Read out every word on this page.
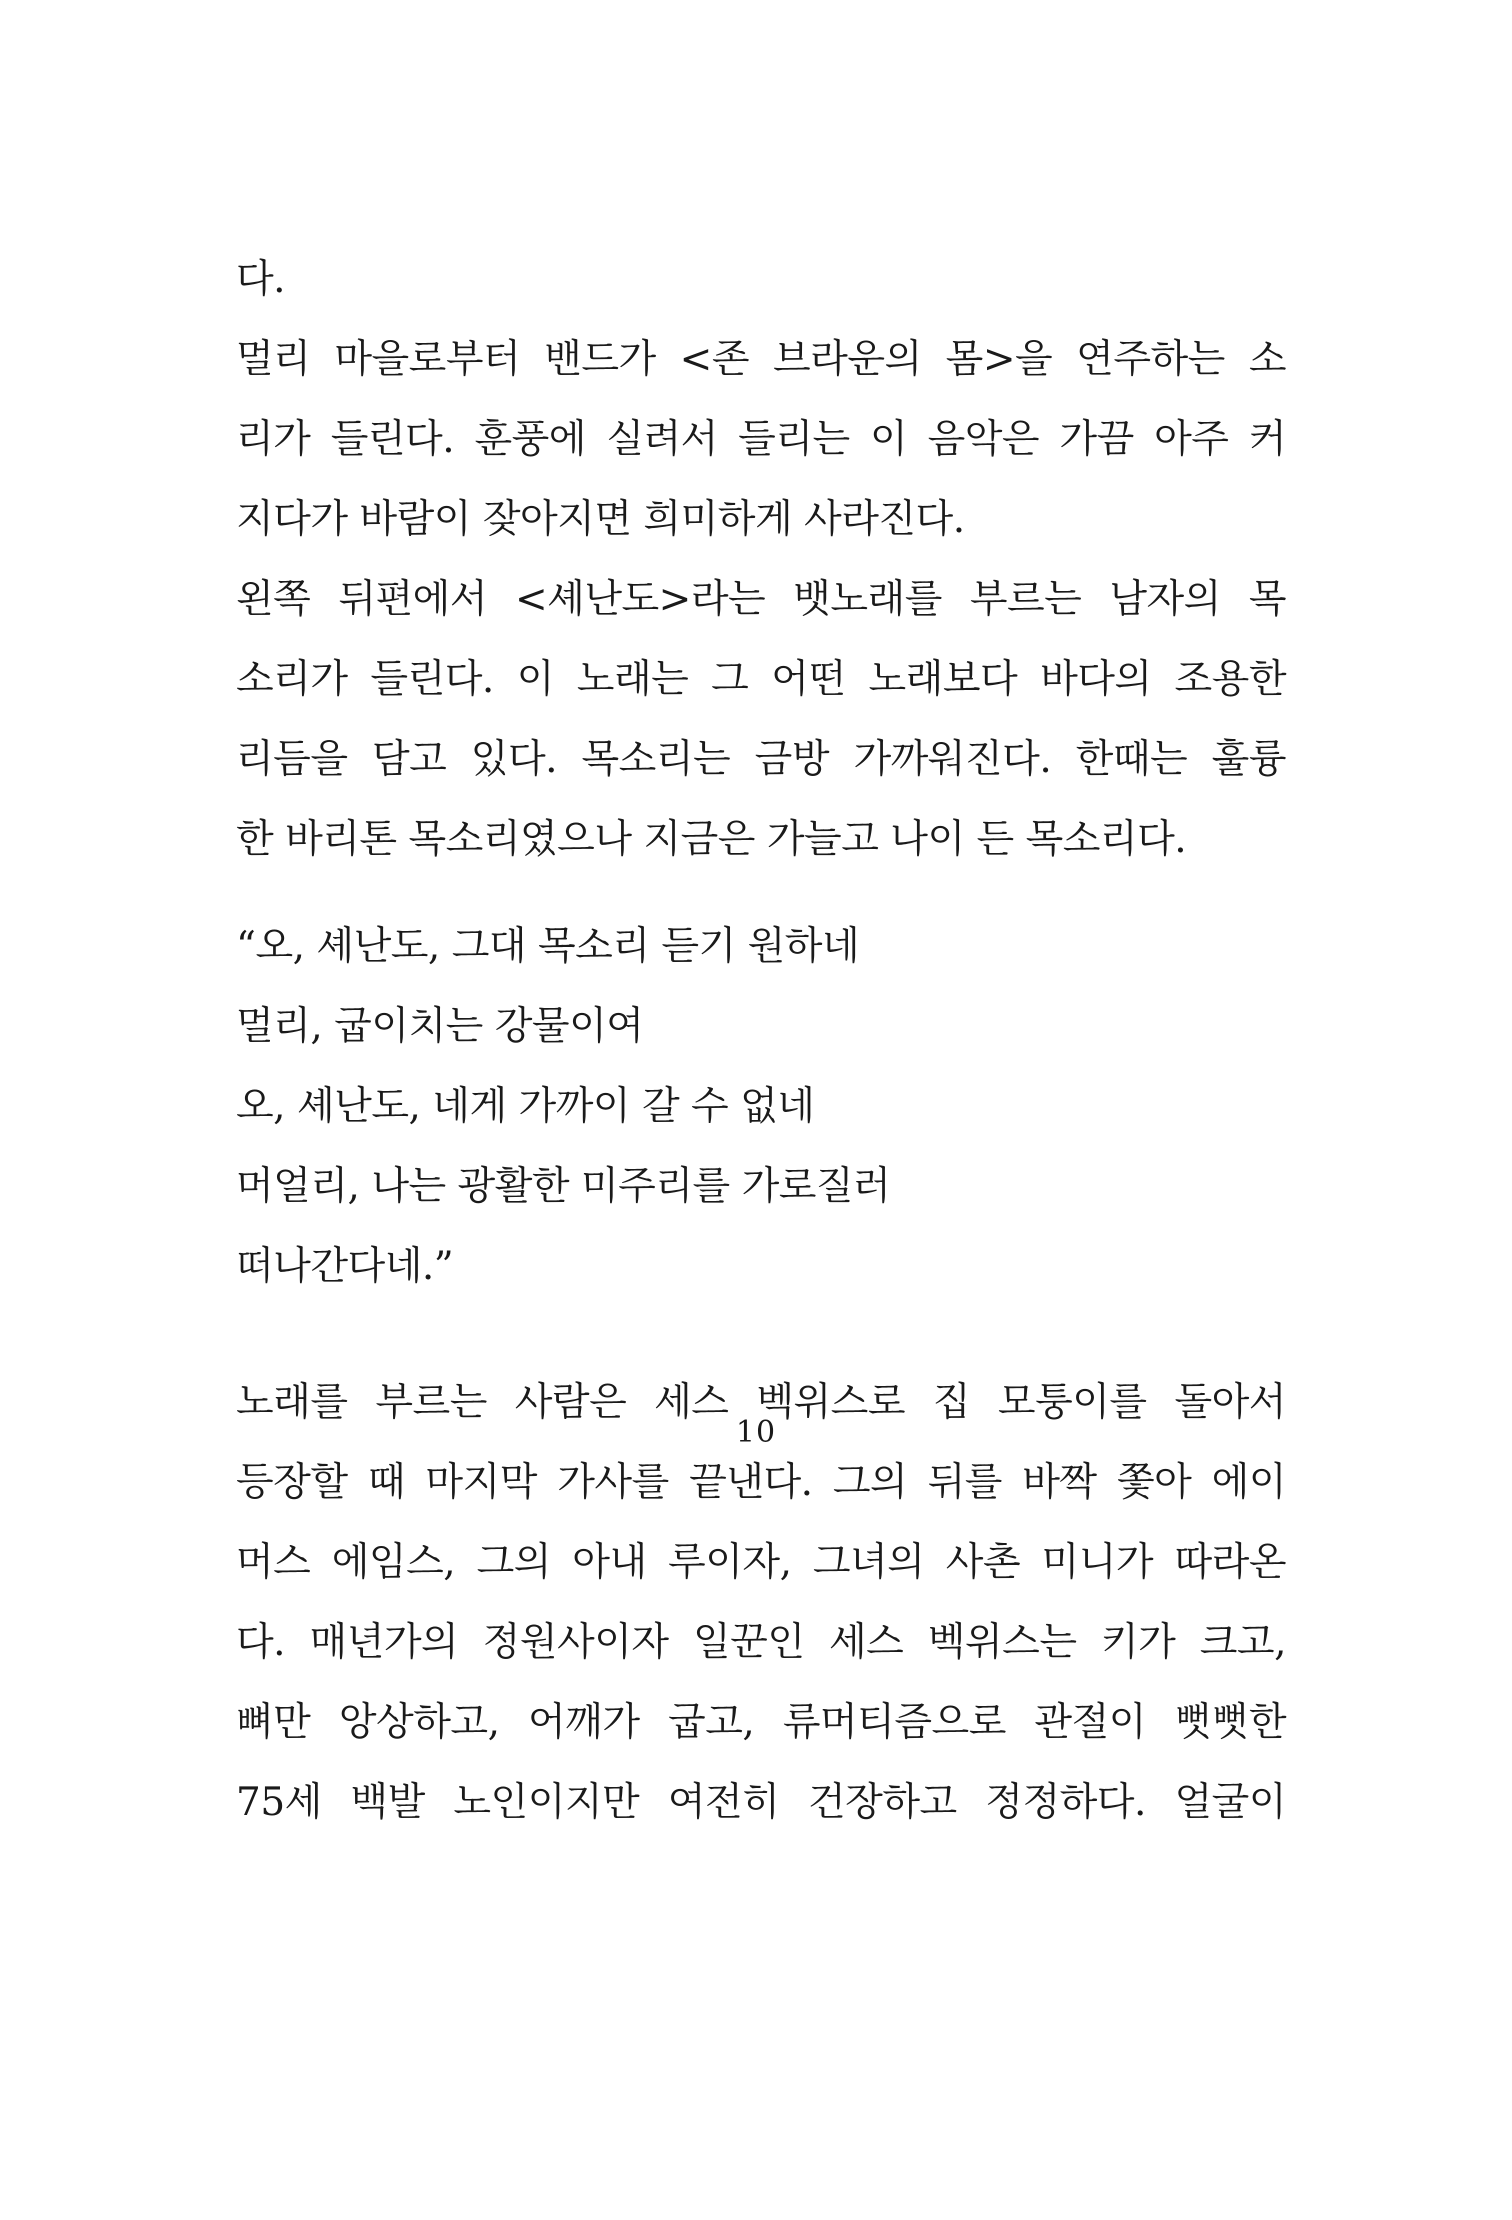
다.
멀리 마을로부터 밴드가 <존 브라운의 몸>을 연주하는 소
리가 들린다. 훈풍에 실려서 들리는 이 음악은 가끔 아주 커
지다가 바람이 잦아지면 희미하게 사라진다.
왼쪽 뒤편에서 <셰난도>라는 뱃노래를 부르는 남자의 목
소리가 들린다. 이 노래는 그 어떤 노래보다 바다의 조용한
리듬을 담고 있다. 목소리는 금방 가까워진다. 한때는 훌륭
한 바리톤 목소리였으나 지금은 가늘고 나이 든 목소리다.
“오, 셰난도, 그대 목소리 듣기 원하네
멀리, 굽이치는 강물이여
오, 셰난도, 네게 가까이 갈 수 없네
머얼리, 나는 광활한 미주리를 가로질러
떠나간다네.”
노래를 부르는 사람은 세스 벡위스로 집 모퉁이를 돌아서
등장할 때 마지막 가사를 끝낸다. 그의 뒤를 바짝 쫓아 에이
머스 에임스, 그의 아내 루이자, 그녀의 사촌 미니가 따라온
다. 매년가의 정원사이자 일꾼인 세스 벡위스는 키가 크고,
뼈만 앙상하고, 어깨가 굽고, 류머티즘으로 관절이 뻣뻣한
75세 백발 노인이지만 여전히 건장하고 정정하다. 얼굴이
10
